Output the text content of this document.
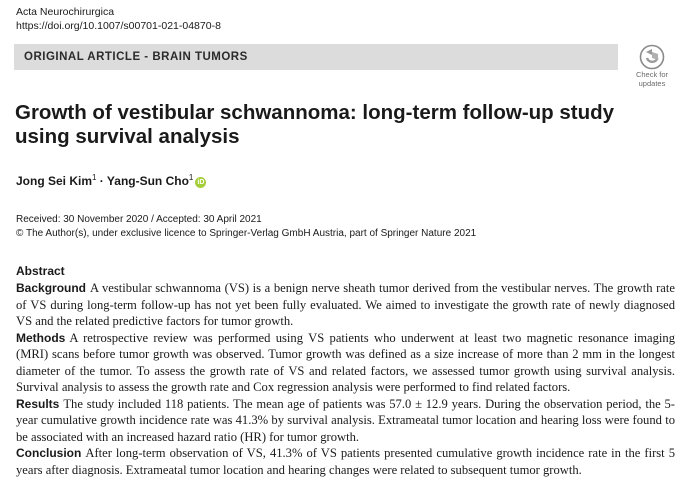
Acta Neurochirurgica
https://doi.org/10.1007/s00701-021-04870-8
ORIGINAL ARTICLE - BRAIN TUMORS
Check for
updates
Growth of vestibular schwannoma: long-term follow-up study using survival analysis
Jong Sei Kim$^1$ · Yang-Sun Cho$^1$iD
Received: 30 November 2020 / Accepted: 30 April 2021
© The Author(s), under exclusive licence to Springer-Verlag GmbH Austria, part of Springer Nature 2021
Abstract

Background A vestibular schwannoma (VS) is a benign nerve sheath tumor derived from the vestibular nerves. The growth rate of VS during long-term follow-up has not yet been fully evaluated. We aimed to investigate the growth rate of newly diagnosed VS and the related predictive factors for tumor growth.

Methods A retrospective review was performed using VS patients who underwent at least two magnetic resonance imaging (MRI) scans before tumor growth was observed. Tumor growth was defined as a size increase of more than 2 mm in the longest diameter of the tumor. To assess the growth rate of VS and related factors, we assessed tumor growth using survival analysis. Survival analysis to assess the growth rate and Cox regression analysis were performed to find related factors.

Results The study included 118 patients. The mean age of patients was 57.0 ± 12.9 years. During the observation period, the 5-year cumulative growth incidence rate was 41.3% by survival analysis. Extrameatal tumor location and hearing loss were found to be associated with an increased hazard ratio (HR) for tumor growth.

Conclusion After long-term observation of VS, 41.3% of VS patients presented cumulative growth incidence rate in the first 5 years after diagnosis. Extrameatal tumor location and hearing changes were related to subsequent tumor growth.
